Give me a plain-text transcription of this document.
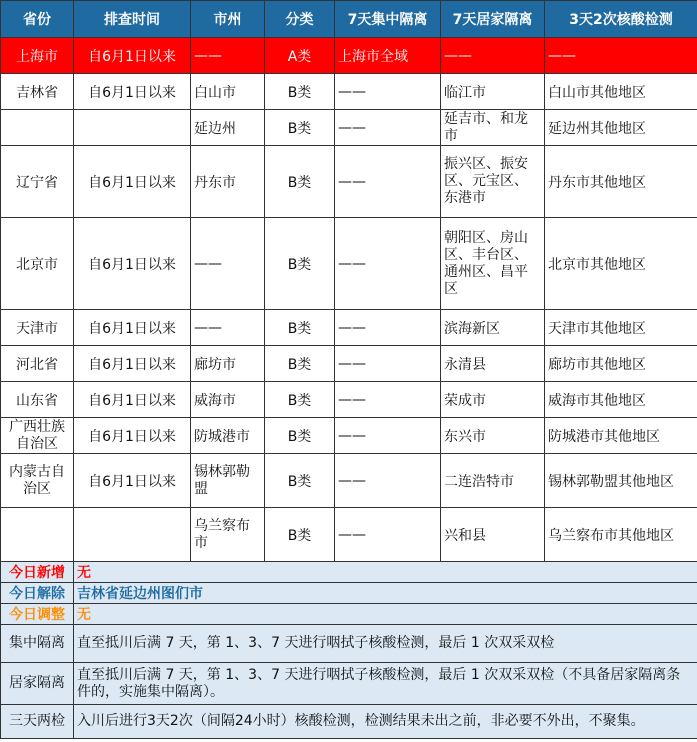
省份	排查时间	市州	分类	7天集中隔离	7天居家隔离	3天2次核酸检测
上海市	自6月1日以来	——	A类	上海市全域	——	——
吉林省	自6月1日以来	白山市	B类	——	临江市	白山市其他地区
		延边州	B类	——	延吉市、和龙市	延边州其他地区
辽宁省	自6月1日以来	丹东市	B类	——	振兴区、振安区、元宝区、东港市	丹东市其他地区
北京市	自6月1日以来	——	B类	——	朝阳区、房山区、丰台区、通州区、昌平区	北京市其他地区
天津市	自6月1日以来	——	B类	——	滨海新区	天津市其他地区
河北省	自6月1日以来	廊坊市	B类	——	永清县	廊坊市其他地区
山东省	自6月1日以来	威海市	B类	——	荣成市	威海市其他地区
广西壮族自治区	自6月1日以来	防城港市	B类	——	东兴市	防城港市其他地区
内蒙古自治区	自6月1日以来	锡林郭勒盟	B类	——	二连浩特市	锡林郭勒盟其他地区
		乌兰察布市	B类	——	兴和县	乌兰察布市其他地区
今日新增	无					
今日解除	吉林省延边州图们市					
今日调整	无					
集中隔离	直至抵川后满 7 天，第 1、3、7 天进行咽拭子核酸检测，最后 1 次双采双检					
居家隔离	直至抵川后满 7 天，第 1、3、7 天进行咽拭子核酸检测，最后 1 次双采双检（不具备居家隔离条件的，实施集中隔离）。					
三天两检	入川后进行3天2次（间隔24小时）核酸检测，检测结果未出之前，非必要不外出，不聚集。					
